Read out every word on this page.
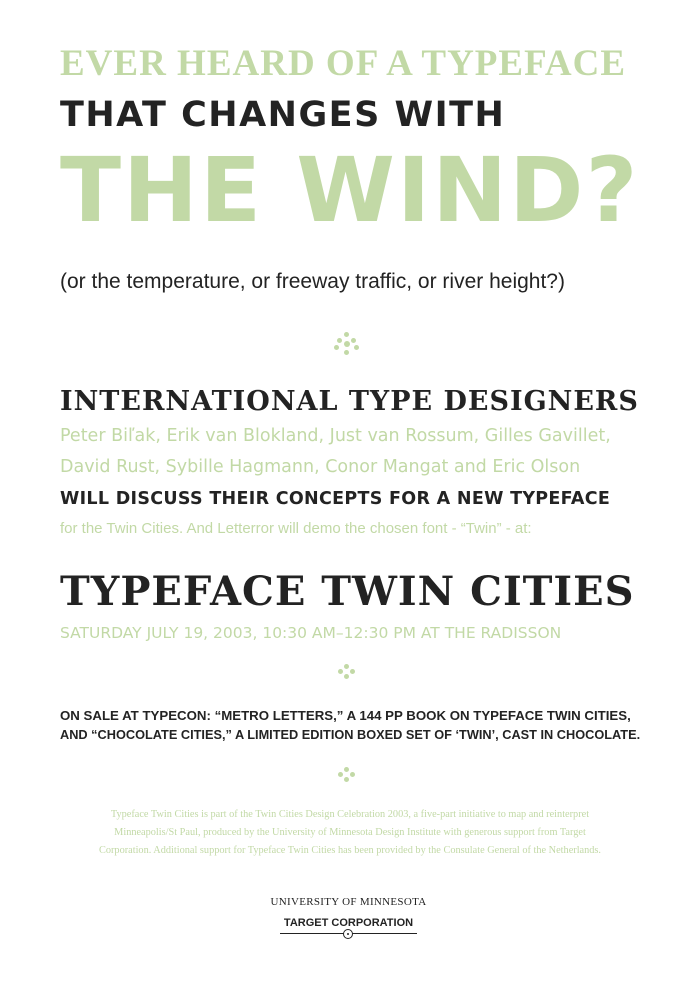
EVER HEARD OF A TYPEFACE
THAT CHANGES WITH
THE WIND?
(or the temperature, or freeway traffic, or river height?)
INTERNATIONAL TYPE DESIGNERS
Peter Biľak, Erik van Blokland, Just van Rossum, Gilles Gavillet,
David Rust, Sybille Hagmann, Conor Mangat and Eric Olson
WILL DISCUSS THEIR CONCEPTS FOR A NEW TYPEFACE
for the Twin Cities. And Letterror will demo the chosen font - “Twin” - at:
TYPEFACE TWIN CITIES
SATURDAY JULY 19, 2003, 10:30 AM–12:30 PM AT THE RADISSON
ON SALE AT TYPECON: “METRO LETTERS,” A 144 PP BOOK ON TYPEFACE TWIN CITIES,
AND “CHOCOLATE CITIES,” A LIMITED EDITION BOXED SET OF ‘TWIN’, CAST IN CHOCOLATE.
Typeface Twin Cities is part of the Twin Cities Design Celebration 2003, a five-part initiative to map and reinterpret
Minneapolis/St Paul, produced by the University of Minnesota Design Institute with generous support from Target
Corporation. Additional support for Typeface Twin Cities has been provided by the Consulate General of the Netherlands.
UNIVERSITY OF MINNESOTA
TARGET CORPORATION
